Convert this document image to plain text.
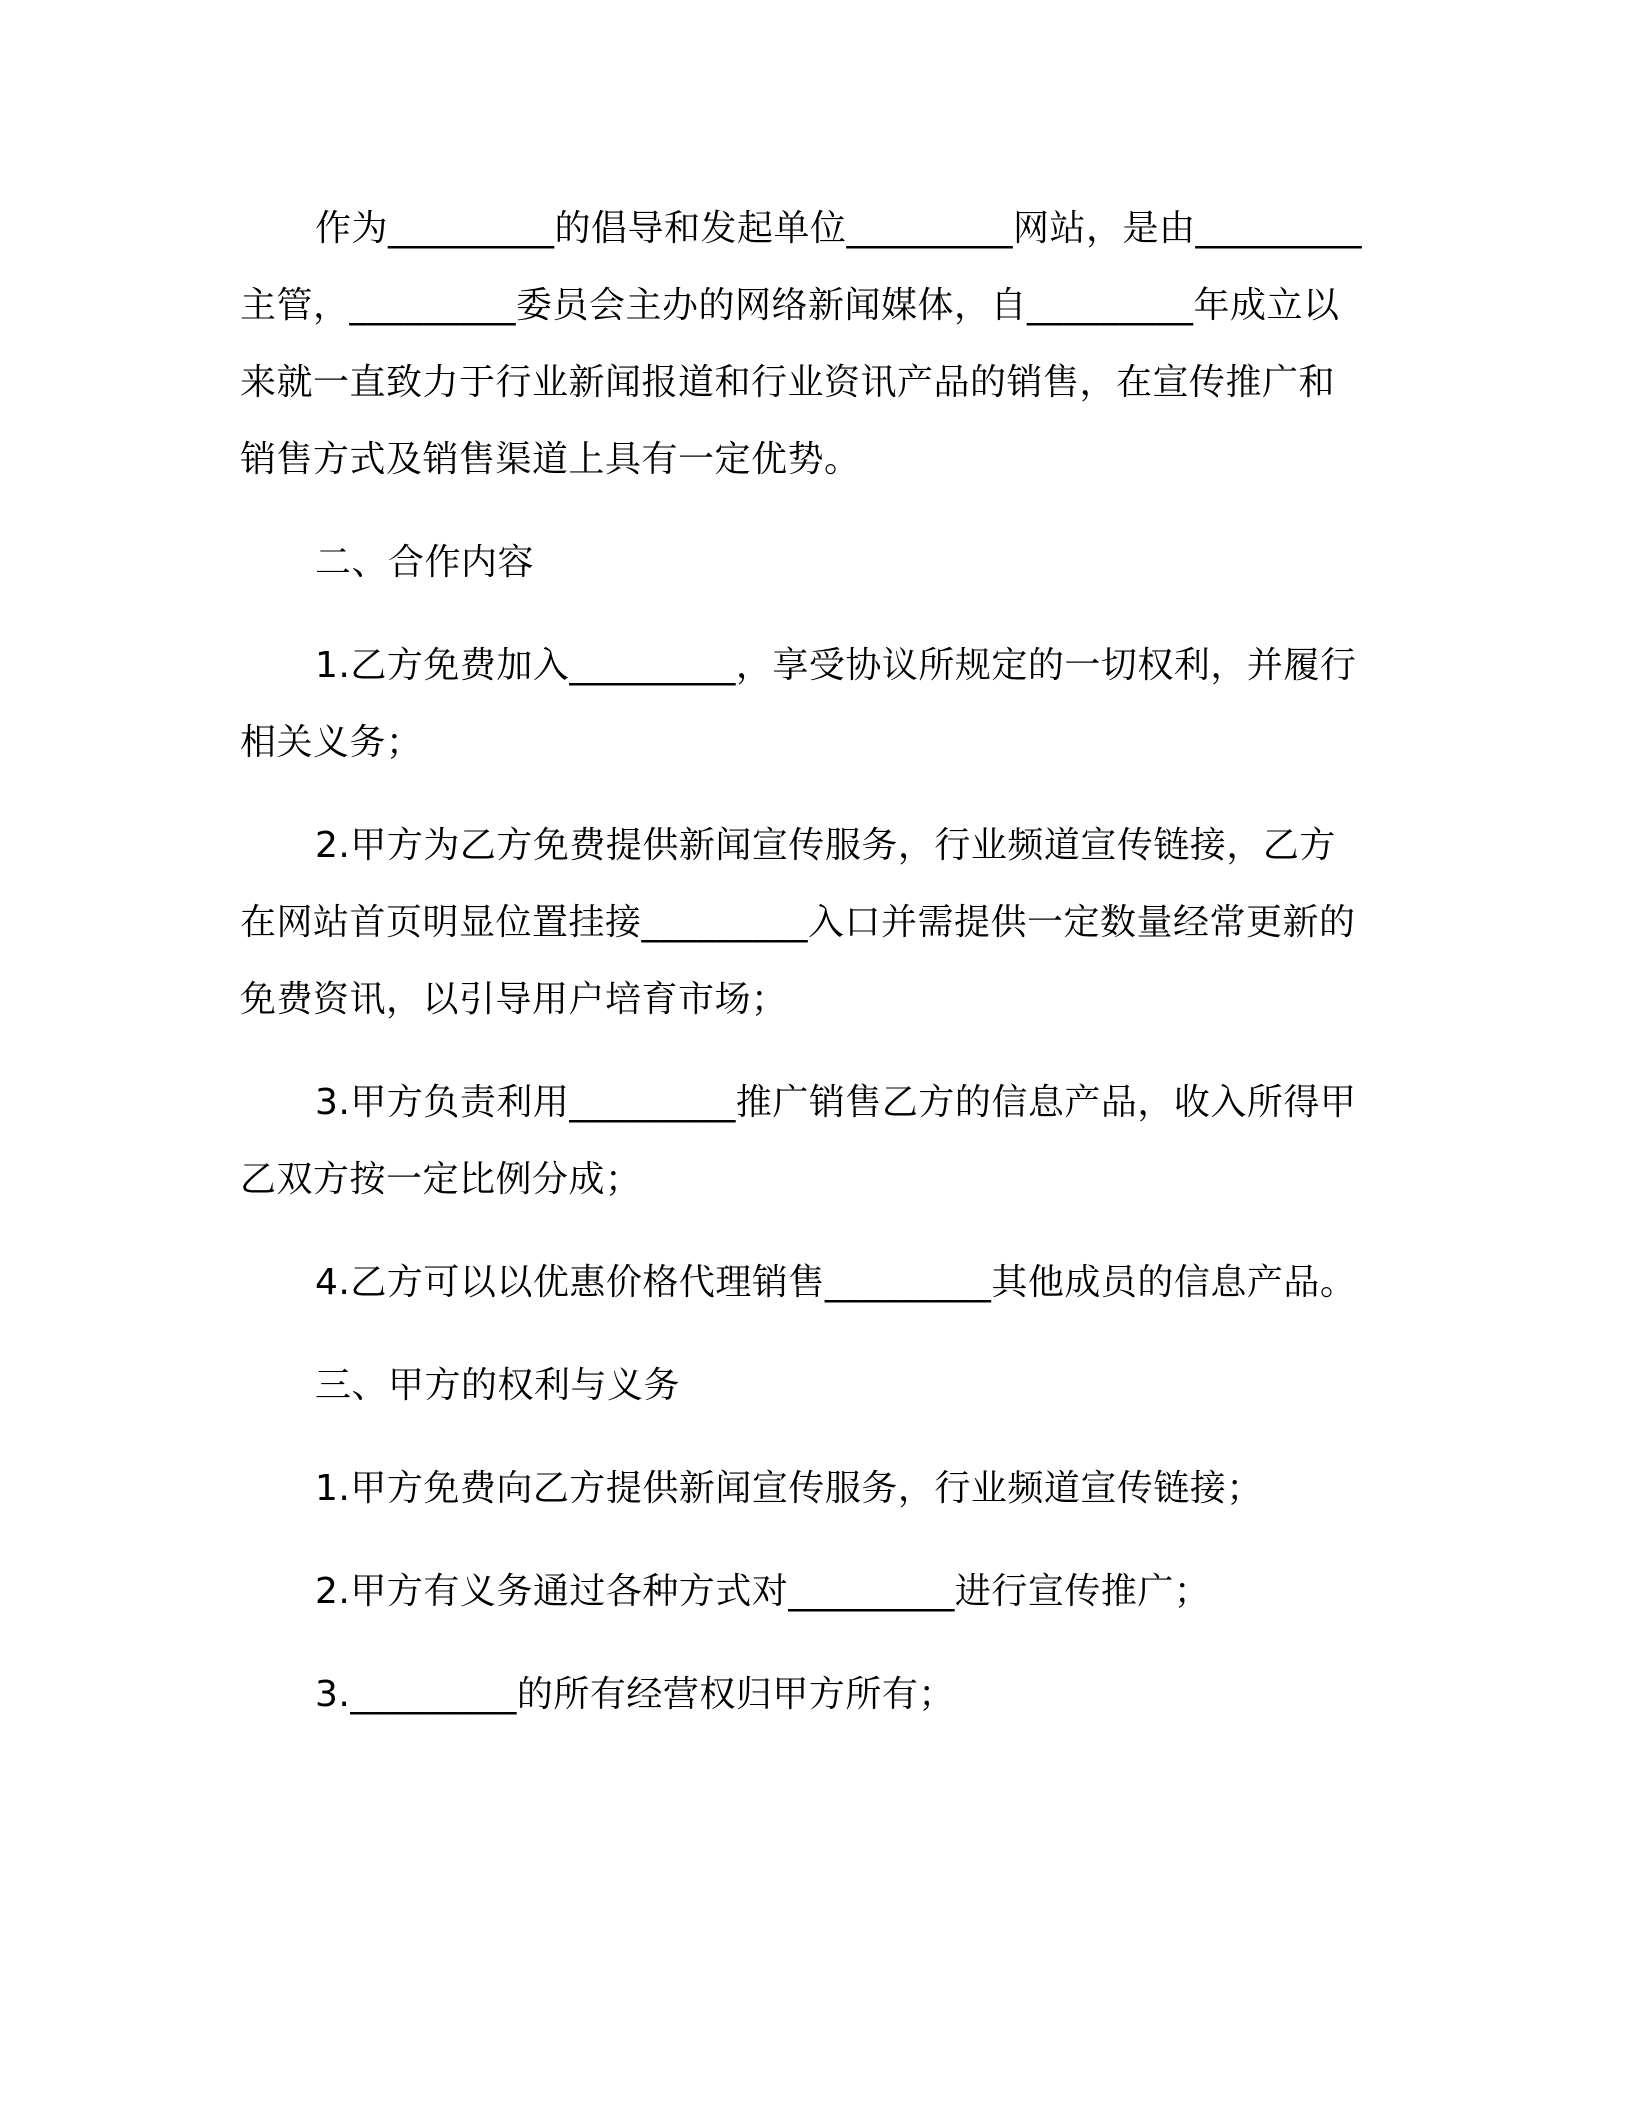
作为_________的倡导和发起单位_________网站，是由_________主管，_________委员会主办的网络新闻媒体，自_________年成立以来就一直致力于行业新闻报道和行业资讯产品的销售，在宣传推广和销售方式及销售渠道上具有一定优势。

二、合作内容

1.乙方免费加入_________，享受协议所规定的一切权利，并履行相关义务；

2.甲方为乙方免费提供新闻宣传服务，行业频道宣传链接，乙方在网站首页明显位置挂接_________入口并需提供一定数量经常更新的免费资讯，以引导用户培育市场；

3.甲方负责利用_________推广销售乙方的信息产品，收入所得甲乙双方按一定比例分成；

4.乙方可以以优惠价格代理销售_________其他成员的信息产品。

三、甲方的权利与义务

1.甲方免费向乙方提供新闻宣传服务，行业频道宣传链接；

2.甲方有义务通过各种方式对_________进行宣传推广；

3._________的所有经营权归甲方所有；
